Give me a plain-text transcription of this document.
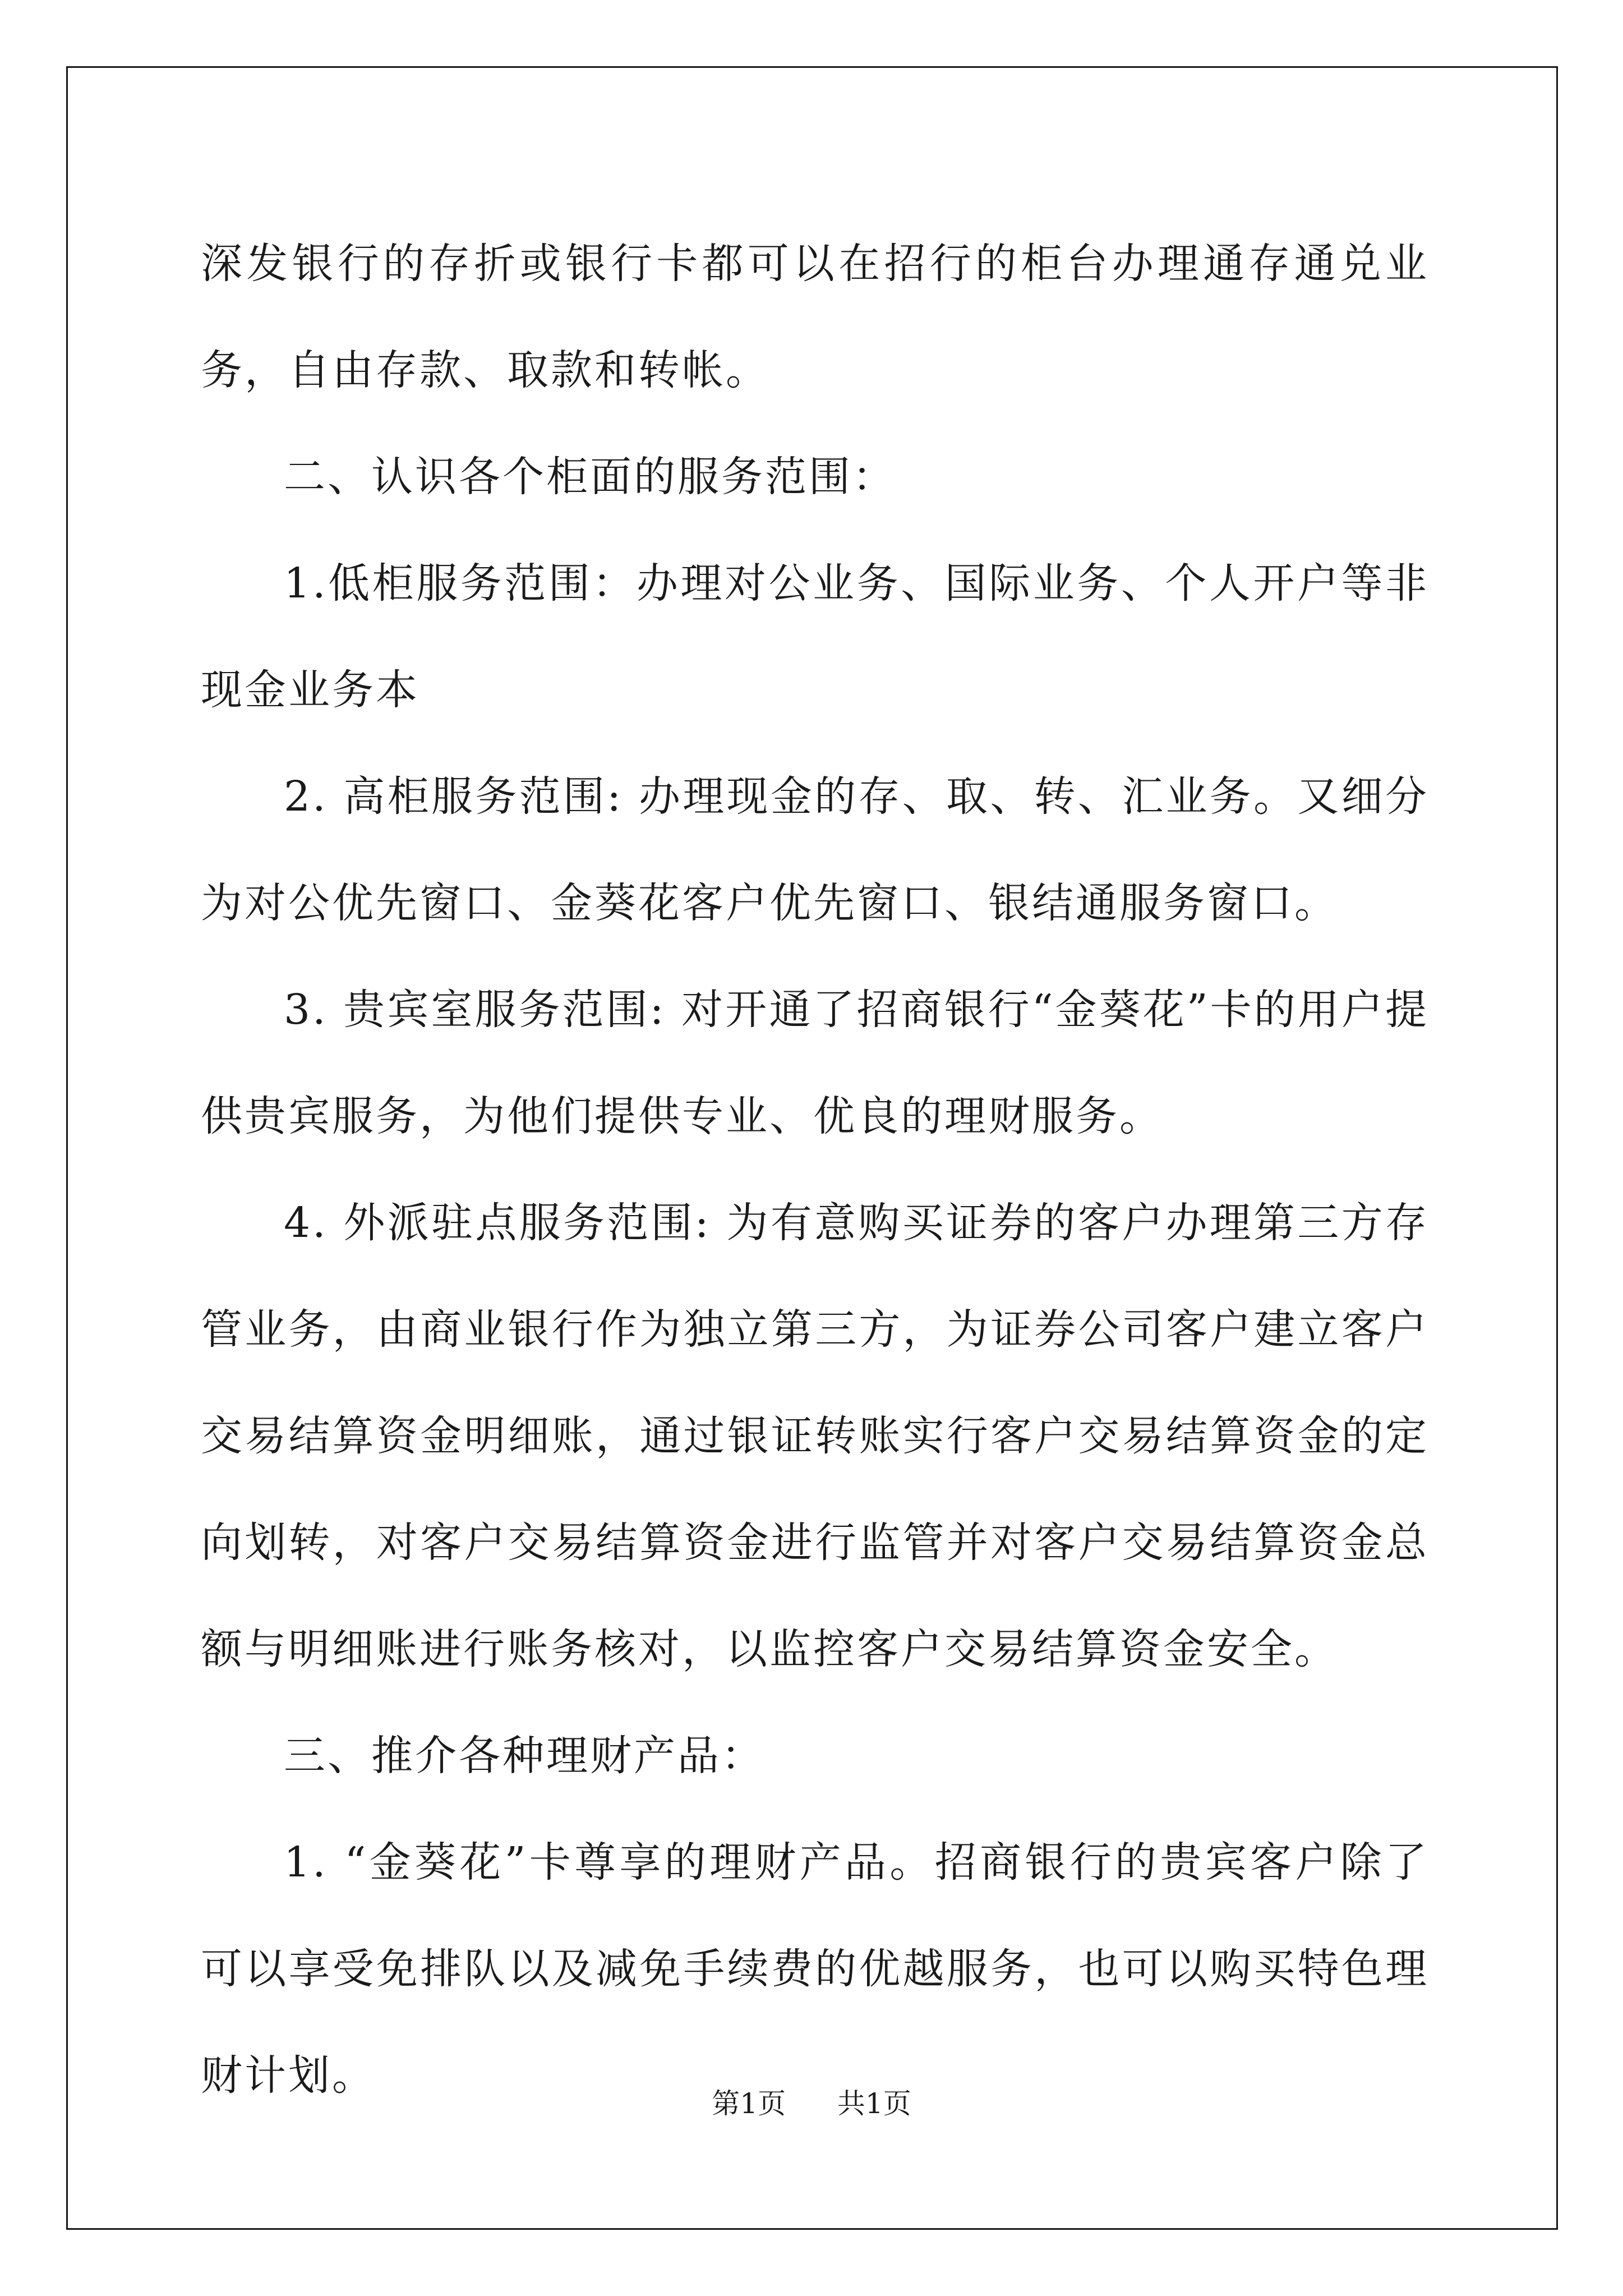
深发银行的存折或银行卡都可以在招行的柜台办理通存通兑业务，自由存款、取款和转帐。

二、认识各个柜面的服务范围：

1.低柜服务范围：办理对公业务、国际业务、个人开户等非现金业务本

2. 高柜服务范围: 办理现金的存、取、转、汇业务。又细分为对公优先窗口、金葵花客户优先窗口、银结通服务窗口。

3. 贵宾室服务范围: 对开通了招商银行“金葵花”卡的用户提供贵宾服务，为他们提供专业、优良的理财服务。

4. 外派驻点服务范围: 为有意购买证券的客户办理第三方存管业务，由商业银行作为独立第三方，为证券公司客户建立客户交易结算资金明细账，通过银证转账实行客户交易结算资金的定向划转，对客户交易结算资金进行监管并对客户交易结算资金总额与明细账进行账务核对，以监控客户交易结算资金安全。

三、推介各种理财产品：

1. “金葵花”卡尊享的理财产品。招商银行的贵宾客户除了可以享受免排队以及减免手续费的优越服务，也可以购买特色理财计划。

第1页 共1页
